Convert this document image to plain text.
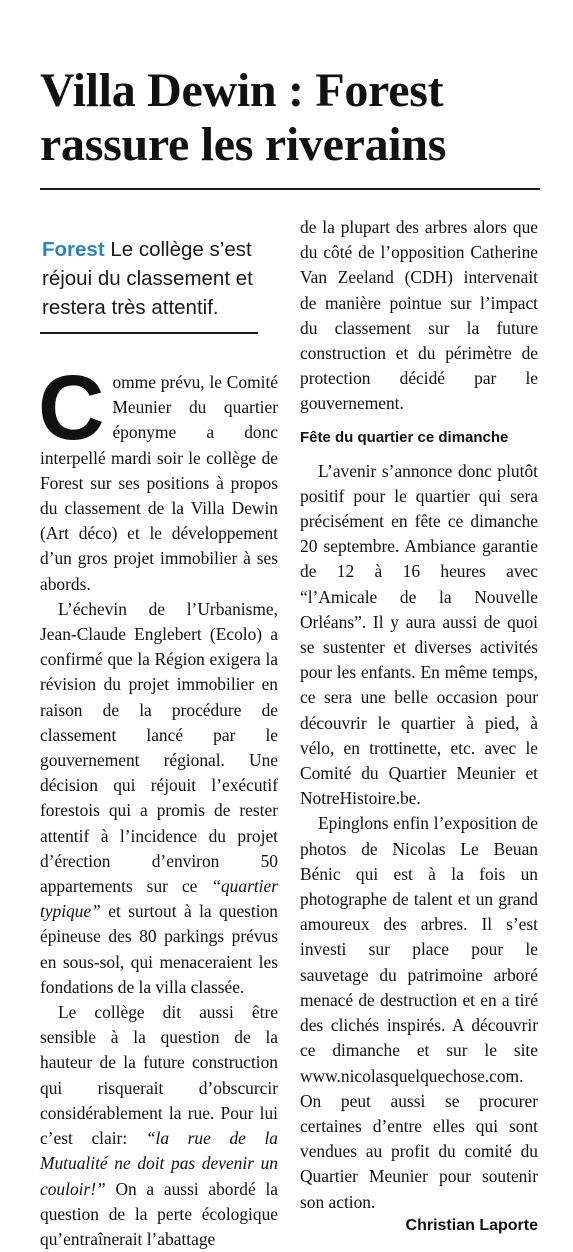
Villa Dewin : Forest
rassure les riverains

Forest Le collège s’est réjoui du classement et restera très attentif.

Comme prévu, le Comité Meunier du quartier éponyme a donc interpellé mardi soir le collège de Forest sur ses positions à propos du classement de la Villa Dewin (Art déco) et le développement d’un gros projet immobilier à ses abords.

L’échevin de l’Urbanisme, Jean-Claude Englebert (Ecolo) a confirmé que la Région exigera la révision du projet immobilier en raison de la procédure de classement lancé par le gouvernement régional. Une décision qui réjouit l’exécutif forestois qui a promis de rester attentif à l’incidence du projet d’érection d’environ 50 appartements sur ce “quartier typique” et surtout à la question épineuse des 80 parkings prévus en sous-sol, qui menaceraient les fondations de la villa classée.

Le collège dit aussi être sensible à la question de la hauteur de la future construction qui risquerait d’obscurcir considérablement la rue. Pour lui c’est clair: “la rue de la Mutualité ne doit pas devenir un couloir!” On a aussi abordé la question de la perte écologique qu’entraînerait l’abattage

de la plupart des arbres alors que du côté de l’opposition Catherine Van Zeeland (CDH) intervenait de manière pointue sur l’impact du classement sur la future construction et du périmètre de protection décidé par le gouvernement.

Fête du quartier ce dimanche

L’avenir s’annonce donc plutôt positif pour le quartier qui sera précisément en fête ce dimanche 20 septembre. Ambiance garantie de 12 à 16 heures avec “l’Amicale de la Nouvelle Orléans”. Il y aura aussi de quoi se sustenter et diverses activités pour les enfants. En même temps, ce sera une belle occasion pour découvrir le quartier à pied, à vélo, en trottinette, etc. avec le Comité du Quartier Meunier et NotreHistoire.be.

Epinglons enfin l’exposition de photos de Nicolas Le Beuan Bénic qui est à la fois un photographe de talent et un grand amoureux des arbres. Il s’est investi sur place pour le sauvetage du patrimoine arboré menacé de destruction et en a tiré des clichés inspirés. A découvrir ce dimanche et sur le site www.nicolasquelquechose.com. On peut aussi se procurer certaines d’entre elles qui sont vendues au profit du comité du Quartier Meunier pour soutenir son action.

Christian Laporte
